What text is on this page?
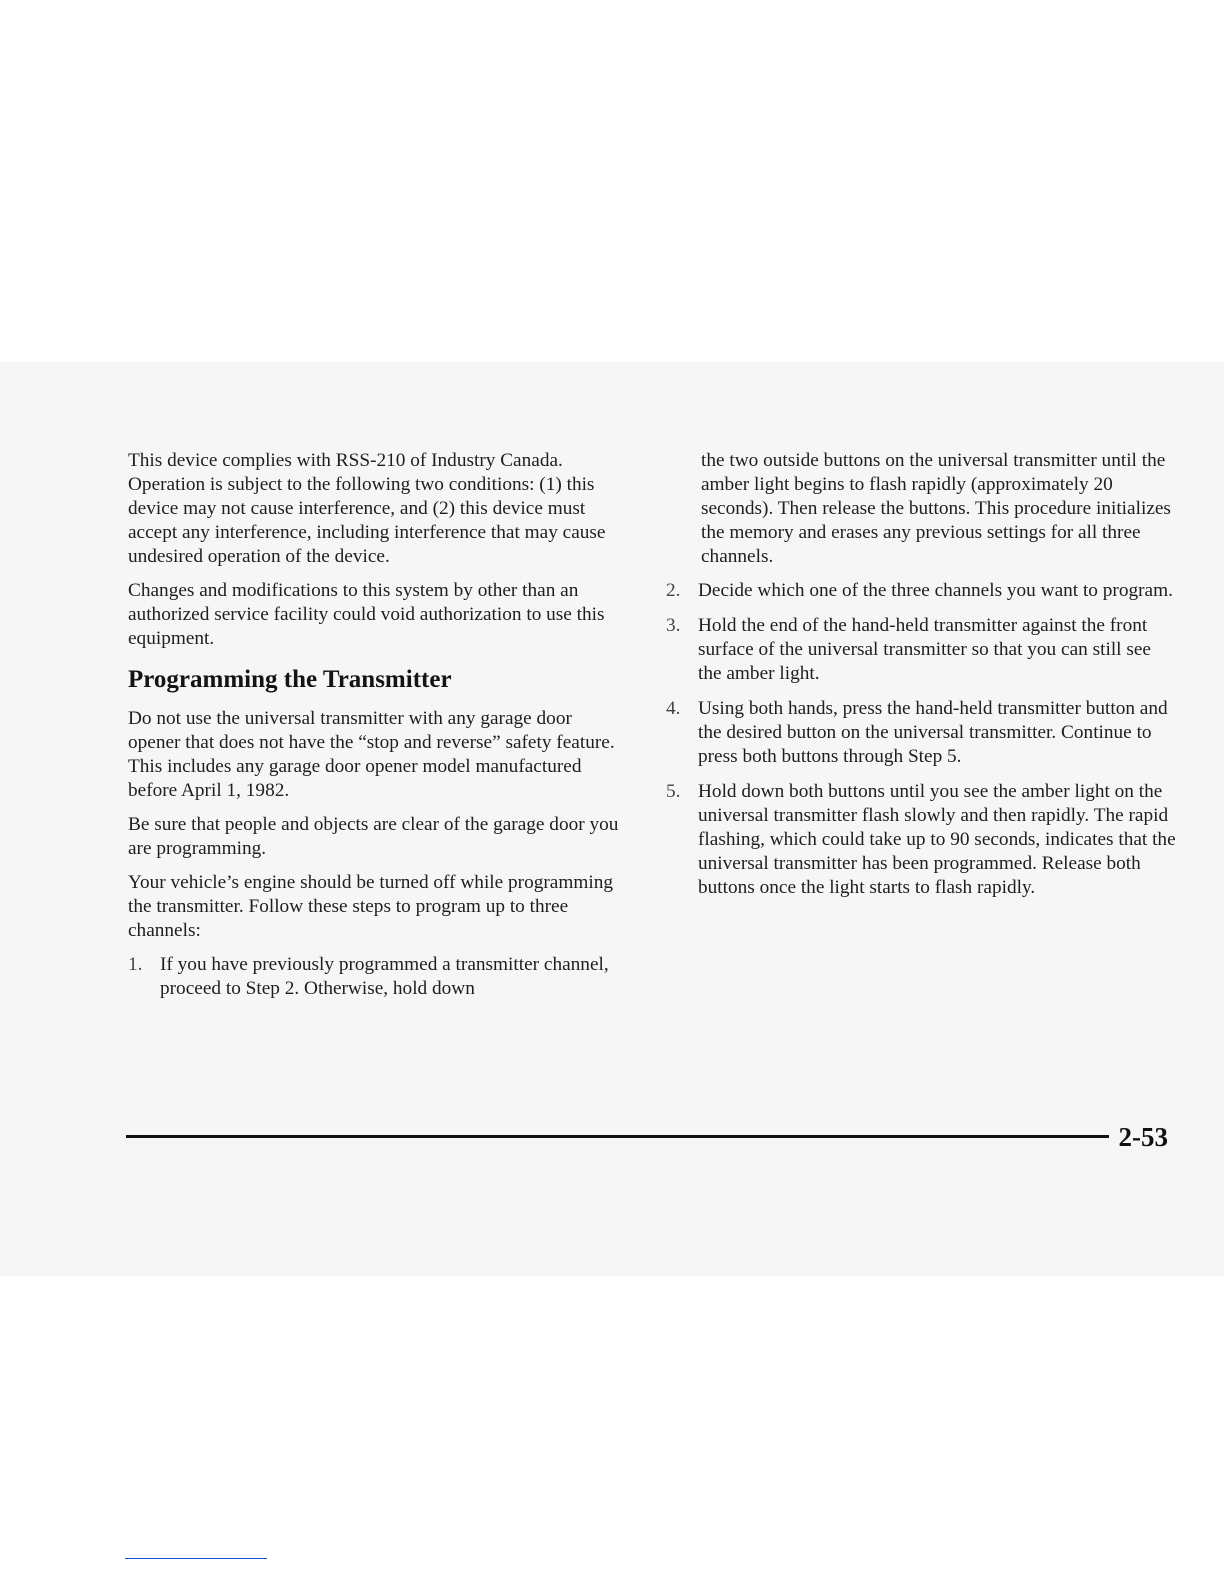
This device complies with RSS-210 of Industry Canada. Operation is subject to the following two conditions: (1) this device may not cause interference, and (2) this device must accept any interference, including interference that may cause undesired operation of the device.

Changes and modifications to this system by other than an authorized service facility could void authorization to use this equipment.

Programming the Transmitter

Do not use the universal transmitter with any garage door opener that does not have the “stop and reverse” safety feature. This includes any garage door opener model manufactured before April 1, 1982.

Be sure that people and objects are clear of the garage door you are programming.

Your vehicle’s engine should be turned off while programming the transmitter. Follow these steps to program up to three channels:

1. If you have previously programmed a transmitter channel, proceed to Step 2. Otherwise, hold down

the two outside buttons on the universal transmitter until the amber light begins to flash rapidly (approximately 20 seconds). Then release the buttons. This procedure initializes the memory and erases any previous settings for all three channels.

2. Decide which one of the three channels you want to program.
3. Hold the end of the hand-held transmitter against the front surface of the universal transmitter so that you can still see the amber light.
4. Using both hands, press the hand-held transmitter button and the desired button on the universal transmitter. Continue to press both buttons through Step 5.
5. Hold down both buttons until you see the amber light on the universal transmitter flash slowly and then rapidly. The rapid flashing, which could take up to 90 seconds, indicates that the universal transmitter has been programmed. Release both buttons once the light starts to flash rapidly.
2-53
